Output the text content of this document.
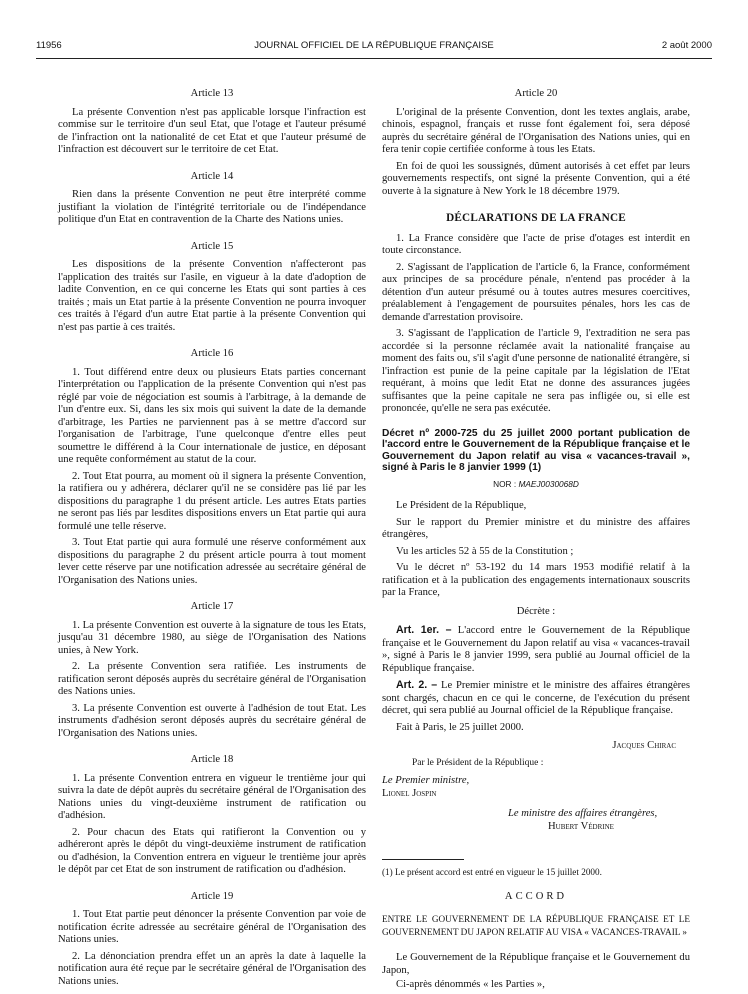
11956	JOURNAL OFFICIEL DE LA RÉPUBLIQUE FRANÇAISE	2 août 2000
Article 13

La présente Convention n'est pas applicable lorsque l'infraction est commise sur le territoire d'un seul Etat, que l'otage et l'auteur présumé de l'infraction ont la nationalité de cet Etat et que l'auteur présumé de l'infraction est découvert sur le territoire de cet Etat.

Article 14

Rien dans la présente Convention ne peut être interprété comme justifiant la violation de l'intégrité territoriale ou de l'indépendance politique d'un Etat en contravention de la Charte des Nations unies.

Article 15

Les dispositions de la présente Convention n'affecteront pas l'application des traités sur l'asile, en vigueur à la date d'adoption de ladite Convention, en ce qui concerne les Etats qui sont parties à ces traités ; mais un Etat partie à la présente Convention ne pourra invoquer ces traités à l'égard d'un autre Etat partie à la présente Convention qui n'est pas partie à ces traités.

Article 16

1. Tout différend entre deux ou plusieurs Etats parties concernant l'interprétation ou l'application de la présente Convention qui n'est pas réglé par voie de négociation est soumis à l'arbitrage, à la demande de l'un d'entre eux. Si, dans les six mois qui suivent la date de la demande d'arbitrage, les Parties ne parviennent pas à se mettre d'accord sur l'organisation de l'arbitrage, l'une quelconque d'entre elles peut soumettre le différend à la Cour internationale de justice, en déposant une requête conformément au statut de la cour.

2. Tout Etat pourra, au moment où il signera la présente Convention, la ratifiera ou y adhérera, déclarer qu'il ne se considère pas lié par les dispositions du paragraphe 1 du présent article. Les autres Etats parties ne seront pas liés par lesdites dispositions envers un Etat partie qui aura formulé une telle réserve.

3. Tout Etat partie qui aura formulé une réserve conformément aux dispositions du paragraphe 2 du présent article pourra à tout moment lever cette réserve par une notification adressée au secrétaire général de l'Organisation des Nations unies.

Article 17

1. La présente Convention est ouverte à la signature de tous les Etats, jusqu'au 31 décembre 1980, au siège de l'Organisation des Nations unies, à New York.

2. La présente Convention sera ratifiée. Les instruments de ratification seront déposés auprès du secrétaire général de l'Organisation des Nations unies.

3. La présente Convention est ouverte à l'adhésion de tout Etat. Les instruments d'adhésion seront déposés auprès du secrétaire général de l'Organisation des Nations unies.

Article 18

1. La présente Convention entrera en vigueur le trentième jour qui suivra la date de dépôt auprès du secrétaire général de l'Organisation des Nations unies du vingt-deuxième instrument de ratification ou d'adhésion.

2. Pour chacun des Etats qui ratifieront la Convention ou y adhéreront après le dépôt du vingt-deuxième instrument de ratification ou d'adhésion, la Convention entrera en vigueur le trentième jour après le dépôt par cet Etat de son instrument de ratification ou d'adhésion.

Article 19

1. Tout Etat partie peut dénoncer la présente Convention par voie de notification écrite adressée au secrétaire général de l'Organisation des Nations unies.

2. La dénonciation prendra effet un an après la date à laquelle la notification aura été reçue par le secrétaire général de l'Organisation des Nations unies.

Article 20

L'original de la présente Convention, dont les textes anglais, arabe, chinois, espagnol, français et russe font également foi, sera déposé auprès du secrétaire général de l'Organisation des Nations unies, qui en fera tenir copie certifiée conforme à tous les Etats.

En foi de quoi les soussignés, dûment autorisés à cet effet par leurs gouvernements respectifs, ont signé la présente Convention, qui a été ouverte à la signature à New York le 18 décembre 1979.

DÉCLARATIONS DE LA FRANCE

1. La France considère que l'acte de prise d'otages est interdit en toute circonstance.

2. S'agissant de l'application de l'article 6, la France, conformément aux principes de sa procédure pénale, n'entend pas procéder à la détention d'un auteur présumé ou à toutes autres mesures coercitives, préalablement à l'engagement de poursuites pénales, hors les cas de demande d'arrestation provisoire.

3. S'agissant de l'application de l'article 9, l'extradition ne sera pas accordée si la personne réclamée avait la nationalité française au moment des faits ou, s'il s'agit d'une personne de nationalité étrangère, si l'infraction est punie de la peine capitale par la législation de l'Etat requérant, à moins que ledit Etat ne donne des assurances jugées suffisantes que la peine capitale ne sera pas infligée ou, si elle est prononcée, qu'elle ne sera pas exécutée.

Décret nº 2000-725 du 25 juillet 2000 portant publication de l'accord entre le Gouvernement de la République française et le Gouvernement du Japon relatif au visa « vacances-travail », signé à Paris le 8 janvier 1999 (1)
NOR : MAEJ0030068D

Le Président de la République,

Sur le rapport du Premier ministre et du ministre des affaires étrangères,

Vu les articles 52 à 55 de la Constitution ;

Vu le décret nº 53-192 du 14 mars 1953 modifié relatif à la ratification et à la publication des engagements internationaux souscrits par la France,

Décrète :

Art. 1er. – L'accord entre le Gouvernement de la République française et le Gouvernement du Japon relatif au visa « vacances-travail », signé à Paris le 8 janvier 1999, sera publié au Journal officiel de la République française.

Art. 2. – Le Premier ministre et le ministre des affaires étrangères sont chargés, chacun en ce qui le concerne, de l'exécution du présent décret, qui sera publié au Journal officiel de la République française.

Fait à Paris, le 25 juillet 2000.

Jacques Chirac
Par le Président de la République :
Le Premier ministre,
Lionel Jospin
Le ministre des affaires étrangères,
Hubert Védrine
(1) Le présent accord est entré en vigueur le 15 juillet 2000.
ACCORD
ENTRE LE GOUVERNEMENT DE LA RÉPUBLIQUE FRANÇAISE ET LE GOUVERNEMENT DU JAPON RELATIF AU VISA « VACANCES-TRAVAIL »

Le Gouvernement de la République française et le Gouvernement du Japon,

Ci-après dénommés « les Parties »,
